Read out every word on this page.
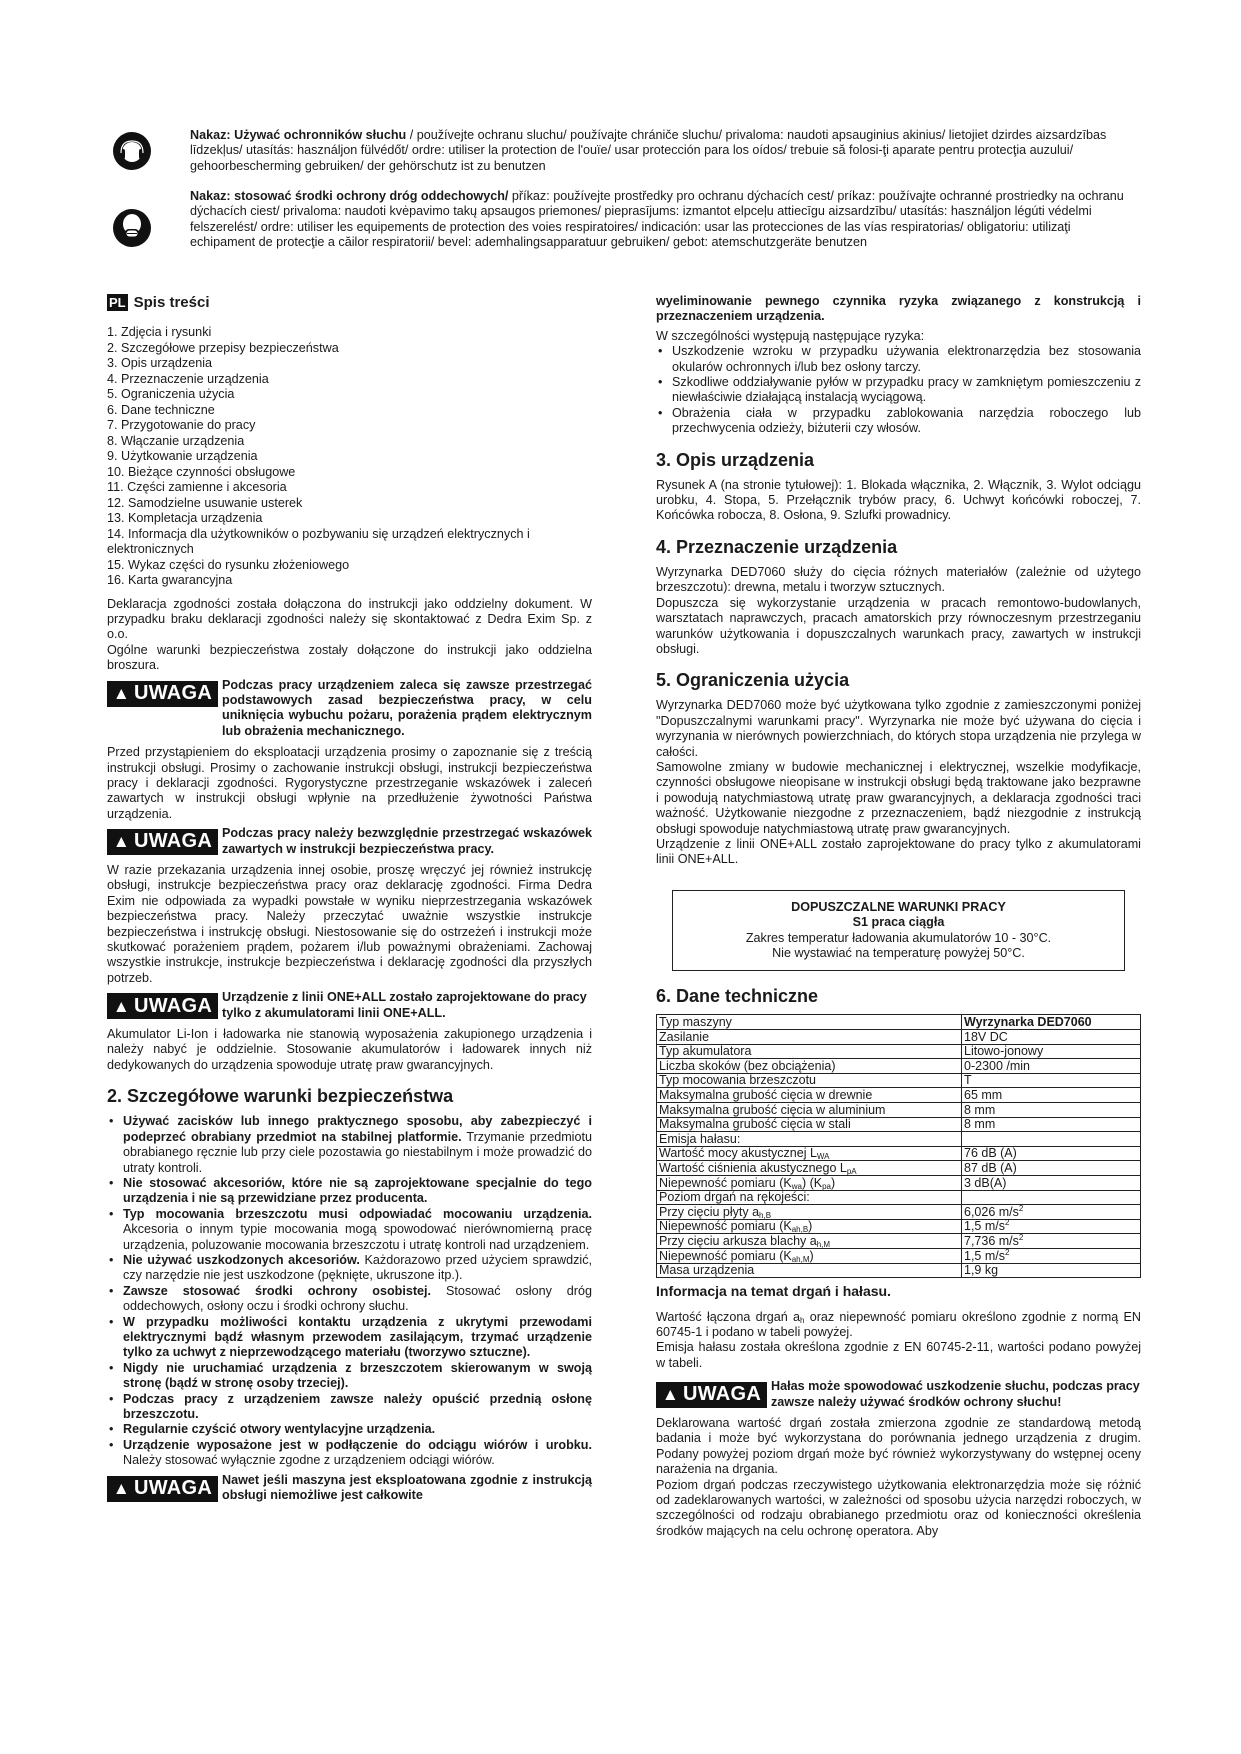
Nakaz: Używać ochronników słuchu / používejte ochranu sluchu/ používajte chrániče sluchu/ privaloma: naudoti apsauginius akinius/ lietojiet dzirdes aizsardzības līdzekļus/ utasítás: használjon fülvédőt/ ordre: utiliser la protection de l'ouïe/ usar protección para los oídos/ trebuie să folosi-ţi aparate pentru protecţia auzului/ gehoorbescherming gebruiken/ der gehörschutz ist zu benutzen
Nakaz: stosować środki ochrony dróg oddechowych/ příkaz: používejte prostředky pro ochranu dýchacích cest/ príkaz: používajte ochranné prostriedky na ochranu dýchacích ciest/ privaloma: naudoti kvėpavimo takų apsaugos priemones/ pieprasījums: izmantot elpceļu attiecīgu aizsardzību/ utasítás: használjon légúti védelmi felszerelést/ ordre: utiliser les equipements de protection des voies respiratoires/ indicación: usar las protecciones de las vías respiratorias/ obligatoriu: utilizaţi echipament de protecţie a căilor respiratorii/ bevel: ademhalingsapparatuur gebruiken/ gebot: atemschutzgeräte benutzen
PL Spis treści
1. Zdjęcia i rysunki
2. Szczegółowe przepisy bezpieczeństwa
3. Opis urządzenia
4. Przeznaczenie urządzenia
5. Ograniczenia użycia
6. Dane techniczne
7. Przygotowanie do pracy
8. Włączanie urządzenia
9. Użytkowanie urządzenia
10. Bieżące czynności obsługowe
11. Części zamienne i akcesoria
12. Samodzielne usuwanie usterek
13. Kompletacja urządzenia
14. Informacja dla użytkowników o pozbywaniu się urządzeń elektrycznych i elektronicznych
15. Wykaz części do rysunku złożeniowego
16. Karta gwarancyjna

Deklaracja zgodności została dołączona do instrukcji jako oddzielny dokument. W przypadku braku deklaracji zgodności należy się skontaktować z Dedra Exim Sp. z o.o.

Ogólne warunki bezpieczeństwa zostały dołączone do instrukcji jako oddzielna broszura.

▲ UWAGA Podczas pracy urządzeniem zaleca się zawsze przestrzegać podstawowych zasad bezpieczeństwa pracy, w celu uniknięcia wybuchu pożaru, porażenia prądem elektrycznym lub obrażenia mechanicznego.

Przed przystąpieniem do eksploatacji urządzenia prosimy o zapoznanie się z treścią instrukcji obsługi. Prosimy o zachowanie instrukcji obsługi, instrukcji bezpieczeństwa pracy i deklaracji zgodności. Rygorystyczne przestrzeganie wskazówek i zaleceń zawartych w instrukcji obsługi wpłynie na przedłużenie żywotności Państwa urządzenia.

▲ UWAGA Podczas pracy należy bezwzględnie przestrzegać wskazówek zawartych w instrukcji bezpieczeństwa pracy.

W razie przekazania urządzenia innej osobie, proszę wręczyć jej również instrukcję obsługi, instrukcje bezpieczeństwa pracy oraz deklarację zgodności. Firma Dedra Exim nie odpowiada za wypadki powstałe w wyniku nieprzestrzegania wskazówek bezpieczeństwa pracy. Należy przeczytać uważnie wszystkie instrukcje bezpieczeństwa i instrukcję obsługi. Niestosowanie się do ostrzeżeń i instrukcji może skutkować porażeniem prądem, pożarem i/lub poważnymi obrażeniami. Zachowaj wszystkie instrukcje, instrukcje bezpieczeństwa i deklarację zgodności dla przyszłych potrzeb.

▲ UWAGA Urządzenie z linii ONE+ALL zostało zaprojektowane do pracy tylko z akumulatorami linii ONE+ALL.

Akumulator Li-Ion i ładowarka nie stanowią wyposażenia zakupionego urządzenia i należy nabyć je oddzielnie. Stosowanie akumulatorów i ładowarek innych niż dedykowanych do urządzenia spowoduje utratę praw gwarancyjnych.

2. Szczegółowe warunki bezpieczeństwa
• Używać zacisków lub innego praktycznego sposobu, aby zabezpieczyć i podeprzeć obrabiany przedmiot na stabilnej platformie. Trzymanie przedmiotu obrabianego ręcznie lub przy ciele pozostawia go niestabilnym i może prowadzić do utraty kontroli.
• Nie stosować akcesoriów, które nie są zaprojektowane specjalnie do tego urządzenia i nie są przewidziane przez producenta.
• Typ mocowania brzeszczotu musi odpowiadać mocowaniu urządzenia. Akcesoria o innym typie mocowania mogą spowodować nierównomierną pracę urządzenia, poluzowanie mocowania brzeszczotu i utratę kontroli nad urządzeniem.
• Nie używać uszkodzonych akcesoriów. Każdorazowo przed użyciem sprawdzić, czy narzędzie nie jest uszkodzone (pęknięte, ukruszone itp.).
• Zawsze stosować środki ochrony osobistej. Stosować osłony dróg oddechowych, osłony oczu i środki ochrony słuchu.
• W przypadku możliwości kontaktu urządzenia z ukrytymi przewodami elektrycznymi bądź własnym przewodem zasilającym, trzymać urządzenie tylko za uchwyt z nieprzewodzącego materiału (tworzywo sztuczne).
• Nigdy nie uruchamiać urządzenia z brzeszczotem skierowanym w swoją stronę (bądź w stronę osoby trzeciej).
• Podczas pracy z urządzeniem zawsze należy opuścić przednią osłonę brzeszczotu.
• Regularnie czyścić otwory wentylacyjne urządzenia.
• Urządzenie wyposażone jest w podłączenie do odciągu wiórów i urobku. Należy stosować wyłącznie zgodne z urządzeniem odciągi wiórów.
▲ UWAGA Nawet jeśli maszyna jest eksploatowana zgodnie z instrukcją obsługi niemożliwe jest całkowite

wyeliminowanie pewnego czynnika ryzyka związanego z konstrukcją i przeznaczeniem urządzenia.

W szczególności występują następujące ryzyka:

• Uszkodzenie wzroku w przypadku używania elektronarzędzia bez stosowania okularów ochronnych i/lub bez osłony tarczy.
• Szkodliwe oddziaływanie pyłów w przypadku pracy w zamkniętym pomieszczeniu z niewłaściwie działającą instalacją wyciągową.
• Obrażenia ciała w przypadku zablokowania narzędzia roboczego lub przechwycenia odzieży, biżuterii czy włosów.
3. Opis urządzenia

Rysunek A (na stronie tytułowej): 1. Blokada włącznika, 2. Włącznik, 3. Wylot odciągu urobku, 4. Stopa, 5. Przełącznik trybów pracy, 6. Uchwyt końcówki roboczej, 7. Końcówka robocza, 8. Osłona, 9. Szlufki prowadnicy.

4. Przeznaczenie urządzenia

Wyrzynarka DED7060 służy do cięcia różnych materiałów (zależnie od użytego brzeszczotu): drewna, metalu i tworzyw sztucznych.

Dopuszcza się wykorzystanie urządzenia w pracach remontowo-budowlanych, warsztatach naprawczych, pracach amatorskich przy równoczesnym przestrzeganiu warunków użytkowania i dopuszczalnych warunkach pracy, zawartych w instrukcji obsługi.

5. Ograniczenia użycia

Wyrzynarka DED7060 może być użytkowana tylko zgodnie z zamieszczonymi poniżej "Dopuszczalnymi warunkami pracy". Wyrzynarka nie może być używana do cięcia i wyrzynania w nierównych powierzchniach, do których stopa urządzenia nie przylega w całości.

Samowolne zmiany w budowie mechanicznej i elektrycznej, wszelkie modyfikacje, czynności obsługowe nieopisane w instrukcji obsługi będą traktowane jako bezprawne i powodują natychmiastową utratę praw gwarancyjnych, a deklaracja zgodności traci ważność. Użytkowanie niezgodne z przeznaczeniem, bądź niezgodnie z instrukcją obsługi spowoduje natychmiastową utratę praw gwarancyjnych.

Urządzenie z linii ONE+ALL zostało zaprojektowane do pracy tylko z akumulatorami linii ONE+ALL.

DOPUSZCZALNE WARUNKI PRACY
S1 praca ciągła
Zakres temperatur ładowania akumulatorów 10 - 30°C.
Nie wystawiać na temperaturę powyżej 50°C.
6. Dane techniczne
Typ maszyny	Wyrzynarka DED7060
Zasilanie	18V DC
Typ akumulatora	Litowo-jonowy
Liczba skoków (bez obciążenia)	0-2300 /min
Typ mocowania brzeszczotu	T
Maksymalna grubość cięcia w drewnie	65 mm
Maksymalna grubość cięcia w aluminium	8 mm
Maksymalna grubość cięcia w stali	8 mm
Emisja hałasu:	
Wartość mocy akustycznej $L_{WA}$	76 dB (A)
Wartość ciśnienia akustycznego $L_{pA}$	87 dB (A)
Niepewność pomiaru $(K_{wa})$ $(K_{pa})$	3 dB(A)
Poziom drgań na rękojeści:	
Przy cięciu płyty $a_{h,B}$	6,026 $m/s^2$
Niepewność pomiaru $(K_{ah,B})$	1,5 $m/s^2$
Przy cięciu arkusza blachy $a_{h,M}$	7,736 $m/s^2$
Niepewność pomiaru $(K_{ah,M})$	1,5 $m/s^2$
Masa urządzenia	1,9 kg
Informacja na temat drgań i hałasu.

Wartość łączona drgań $a_h$ oraz niepewność pomiaru określono zgodnie z normą EN 60745-1 i podano w tabeli powyżej.

Emisja hałasu została określona zgodnie z EN 60745-2-11, wartości podano powyżej w tabeli.

▲ UWAGA Hałas może spowodować uszkodzenie słuchu, podczas pracy zawsze należy używać środków ochrony słuchu!

Deklarowana wartość drgań została zmierzona zgodnie ze standardową metodą badania i może być wykorzystana do porównania jednego urządzenia z drugim. Podany powyżej poziom drgań może być również wykorzystywany do wstępnej oceny narażenia na drgania.

Poziom drgań podczas rzeczywistego użytkowania elektronarzędzia może się różnić od zadeklarowanych wartości, w zależności od sposobu użycia narzędzi roboczych, w szczególności od rodzaju obrabianego przedmiotu oraz od konieczności określenia środków mających na celu ochronę operatora. Aby
